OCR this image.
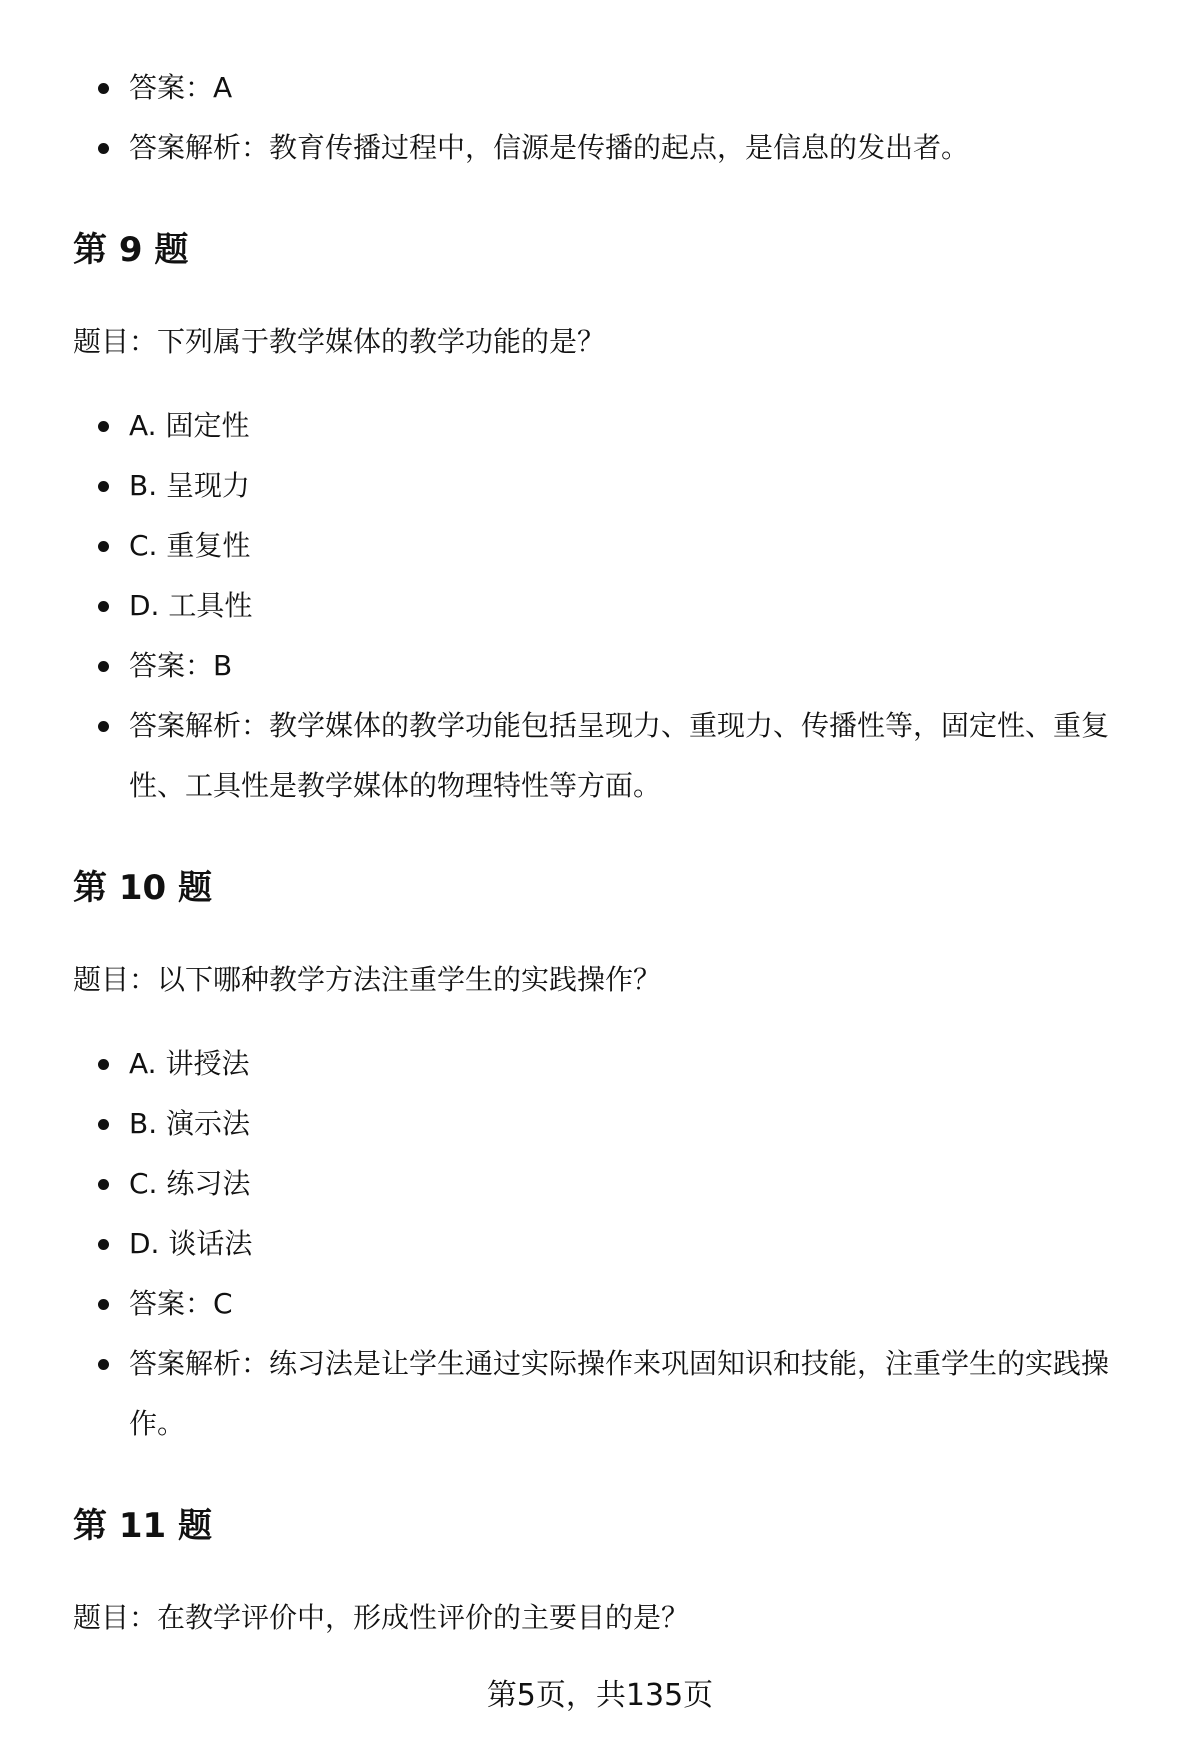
答案：A
答案解析：教育传播过程中，信源是传播的起点，是信息的发出者。
第 9 题
题目：下列属于教学媒体的教学功能的是？
A. 固定性
B. 呈现力
C. 重复性
D. 工具性
答案：B
答案解析：教学媒体的教学功能包括呈现力、重现力、传播性等，固定性、重复性、工具性是教学媒体的物理特性等方面。
第 10 题
题目：以下哪种教学方法注重学生的实践操作？
A. 讲授法
B. 演示法
C. 练习法
D. 谈话法
答案：C
答案解析：练习法是让学生通过实际操作来巩固知识和技能，注重学生的实践操作。
第 11 题
题目：在教学评价中，形成性评价的主要目的是？
第5页，共135页
